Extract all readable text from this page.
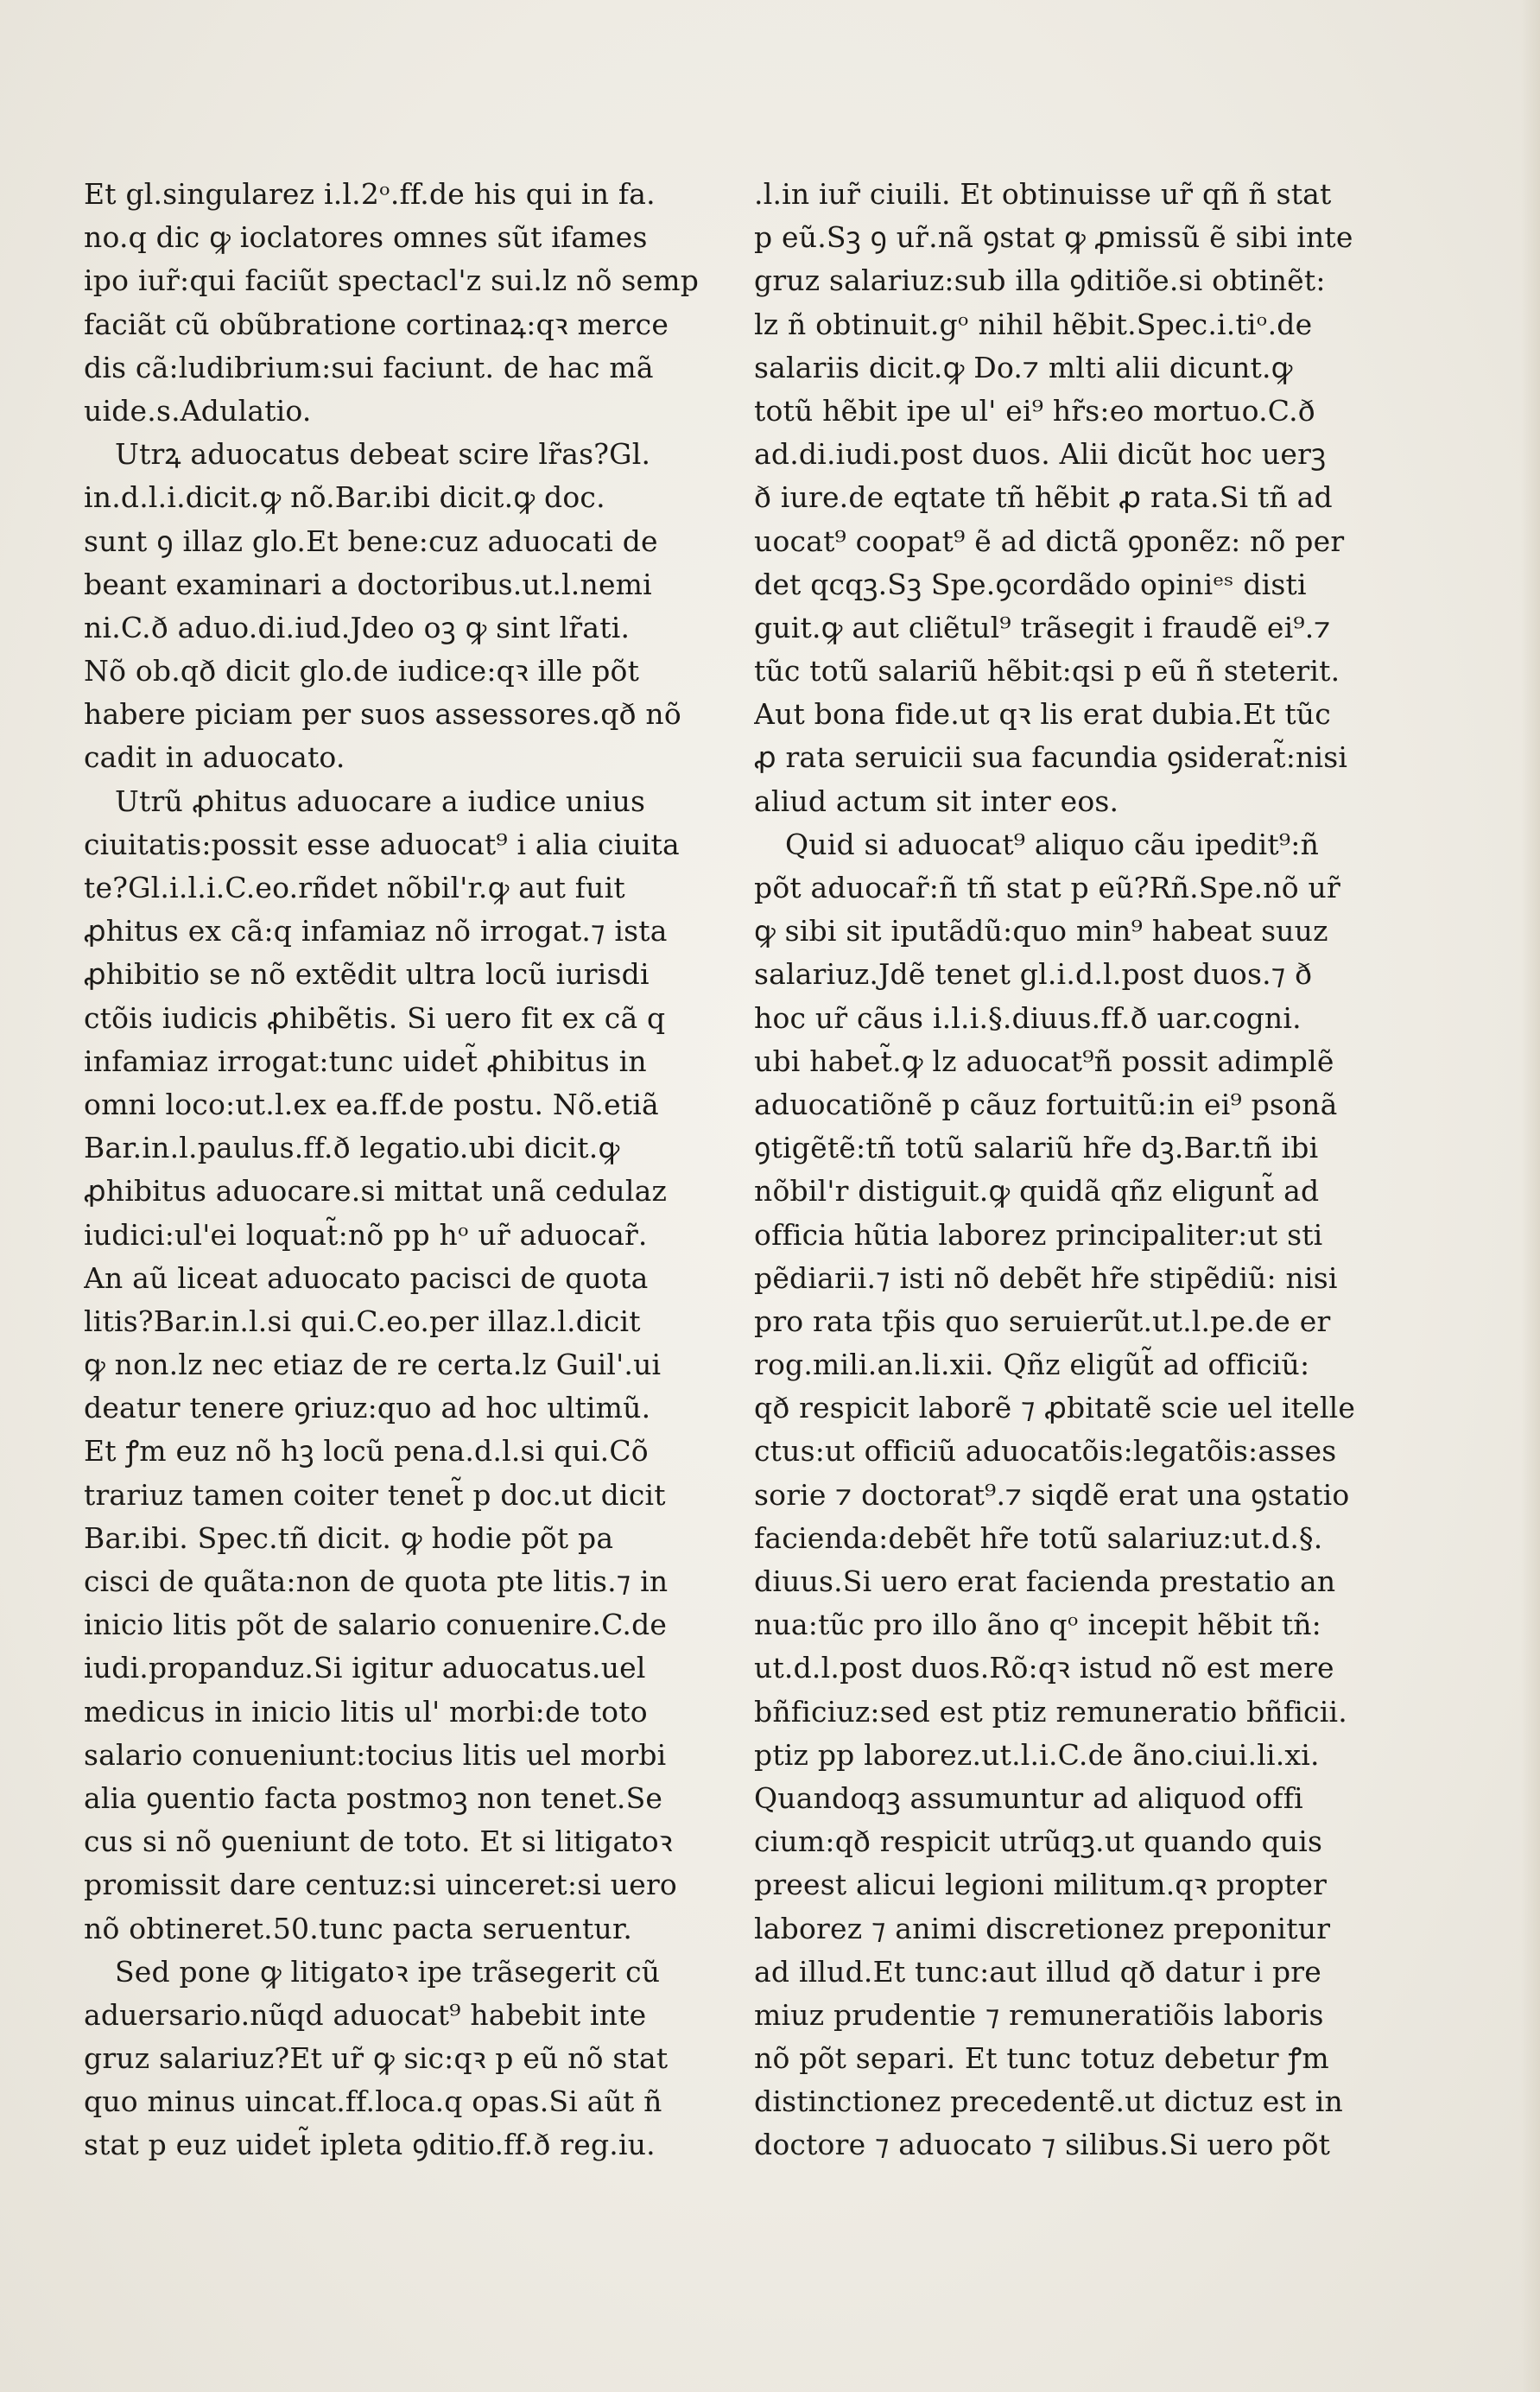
Et gl.singularez i.l.2ᵒ.ff.de his qui in fa.
no.q dic ꝙ ioclatores omnes sũt ifames
ipo iur̃:qui faciũt spectacl'z sui.lz nõ semp
faciãt cũ obũbratione cortinaꝝ:qꝛ merce
dis cã:ludibrium:sui faciunt. de hac mã
uide.s.Adulatio.
Utrꝝ aduocatus debeat scire lr̃as?Gl.
in.d.l.i.dicit.ꝙ nõ.Bar.ibi dicit.ꝙ doc.
sunt ꝯ illaz glo.Et bene:cuz aduocati de
beant examinari a doctoribus.ut.l.nemi
ni.C.ð aduo.di.iud.Jdeo oꝫ ꝙ sint lr̃ati.
Nõ ob.qð dicit glo.de iudice:qꝛ ille põt
habere piciam per suos assessores.qð nõ
cadit in aduocato.
Utrũ ꝓhitus aduocare a iudice unius
ciuitatis:possit esse aduocat⁹ i alia ciuita
te?Gl.i.l.i.C.eo.rñdet nõbil'r.ꝙ aut fuit
ꝓhitus ex cã:q infamiaz nõ irrogat.⁊ ista
ꝓhibitio se nõ extẽdit ultra locũ iurisdi
ctõis iudicis ꝓhibẽtis. Si uero fit ex cã q
infamiaz irrogat:tunc uidet̃ ꝓhibitus in
omni loco:ut.l.ex ea.ff.de postu. Nõ.etiã
Bar.in.l.paulus.ff.ð legatio.ubi dicit.ꝙ
ꝓhibitus aduocare.si mittat unã cedulaz
iudici:ul'ei loquat̃:nõ pp hᵒ ur̃ aduocar̃.
An aũ liceat aduocato pacisci de quota
litis?Bar.in.l.si qui.C.eo.per illaz.l.dicit
ꝙ non.lz nec etiaz de re certa.lz Guil'.ui
deatur tenere ꝯriuz:quo ad hoc ultimũ.
Et ꝭm euz nõ hꝫ locũ pena.d.l.si qui.Cõ
trariuz tamen coiter tenet̃ p doc.ut dicit
Bar.ibi. Spec.tñ dicit. ꝙ hodie põt pa
cisci de quãta:non de quota pte litis.⁊ in
inicio litis põt de salario conuenire.C.de
iudi.propanduz.Si igitur aduocatus.uel
medicus in inicio litis ul' morbi:de toto
salario conueniunt:tocius litis uel morbi
alia ꝯuentio facta postmoꝫ non tenet.Se
cus si nõ ꝯueniunt de toto. Et si litigatoꝛ
promissit dare centuz:si uinceret:si uero
nõ obtineret.50.tunc pacta seruentur.
Sed pone ꝙ litigatoꝛ ipe trãsegerit cũ
aduersario.nũqd aduocat⁹ habebit inte
gruz salariuz?Et ur̃ ꝙ sic:qꝛ p eũ nõ stat
quo minus uincat.ff.loca.q opas.Si aũt ñ
stat p euz uidet̃ ipleta ꝯditio.ff.ð reg.iu.
.l.in iur̃ ciuili. Et obtinuisse ur̃ qñ ñ stat
p eũ.Sꝫ ꝯ ur̃.nã ꝯstat ꝙ ꝓmissũ ẽ sibi inte
gruz salariuz:sub illa ꝯditiõe.si obtinẽt:
lz ñ obtinuit.gᵒ nihil hẽbit.Spec.i.tiᵒ.de
salariis dicit.ꝙ Do.⁊ mlti alii dicunt.ꝙ
totũ hẽbit ipe ul' ei⁹ hr̃s:eo mortuo.C.ð
ad.di.iudi.post duos. Alii dicũt hoc uerꝫ
ð iure.de eqtate tñ hẽbit ꝓ rata.Si tñ ad
uocat⁹ coopat⁹ ẽ ad dictã ꝯponẽz: nõ per
det qcqꝫ.Sꝫ Spe.ꝯcordãdo opiniᵉˢ disti
guit.ꝙ aut cliẽtul⁹ trãsegit i fraudẽ ei⁹.⁊
tũc totũ salariũ hẽbit:qsi p eũ ñ steterit.
Aut bona fide.ut qꝛ lis erat dubia.Et tũc
ꝓ rata seruicii sua facundia ꝯsiderat̃:nisi
aliud actum sit inter eos.
Quid si aduocat⁹ aliquo cãu ipedit⁹:ñ
põt aduocar̃:ñ tñ stat p eũ?Rñ.Spe.nõ ur̃
ꝙ sibi sit iputãdũ:quo min⁹ habeat suuz
salariuz.Jdẽ tenet gl.i.d.l.post duos.⁊ ð
hoc ur̃ cãus i.l.i.§.diuus.ff.ð uar.cogni.
ubi habet̃.ꝙ lz aduocat⁹ñ possit adimplẽ
aduocatiõnẽ p cãuz fortuitũ:in ei⁹ psonã
ꝯtigẽtẽ:tñ totũ salariũ hr̃e dꝫ.Bar.tñ ibi
nõbil'r distiguit.ꝙ quidã qñz eligunt̃ ad
officia hũtia laborez principaliter:ut sti
pẽdiarii.⁊ isti nõ debẽt hr̃e stipẽdiũ: nisi
pro rata tp̃is quo seruierũt.ut.l.pe.de er
rog.mili.an.li.xii. Qñz eligũt̃ ad officiũ:
qð respicit laborẽ ⁊ ꝓbitatẽ scie uel itelle
ctus:ut officiũ aduocatõis:legatõis:asses
sorie ⁊ doctorat⁹.⁊ siqdẽ erat una ꝯstatio
facienda:debẽt hr̃e totũ salariuz:ut.d.§.
diuus.Si uero erat facienda prestatio an
nua:tũc pro illo ãno qᵒ incepit hẽbit tñ:
ut.d.l.post duos.Rõ:qꝛ istud nõ est mere
bñficiuz:sed est ptiz remuneratio bñficii.
ptiz pp laborez.ut.l.i.C.de ãno.ciui.li.xi.
Quandoqꝫ assumuntur ad aliquod offi
cium:qð respicit utrũqꝫ.ut quando quis
preest alicui legioni militum.qꝛ propter
laborez ⁊ animi discretionez preponitur
ad illud.Et tunc:aut illud qð datur i pre
miuz prudentie ⁊ remuneratiõis laboris
nõ põt separi. Et tunc totuz debetur ꝭm
distinctionez precedentẽ.ut dictuz est in
doctore ⁊ aduocato ⁊ silibus.Si uero põt
